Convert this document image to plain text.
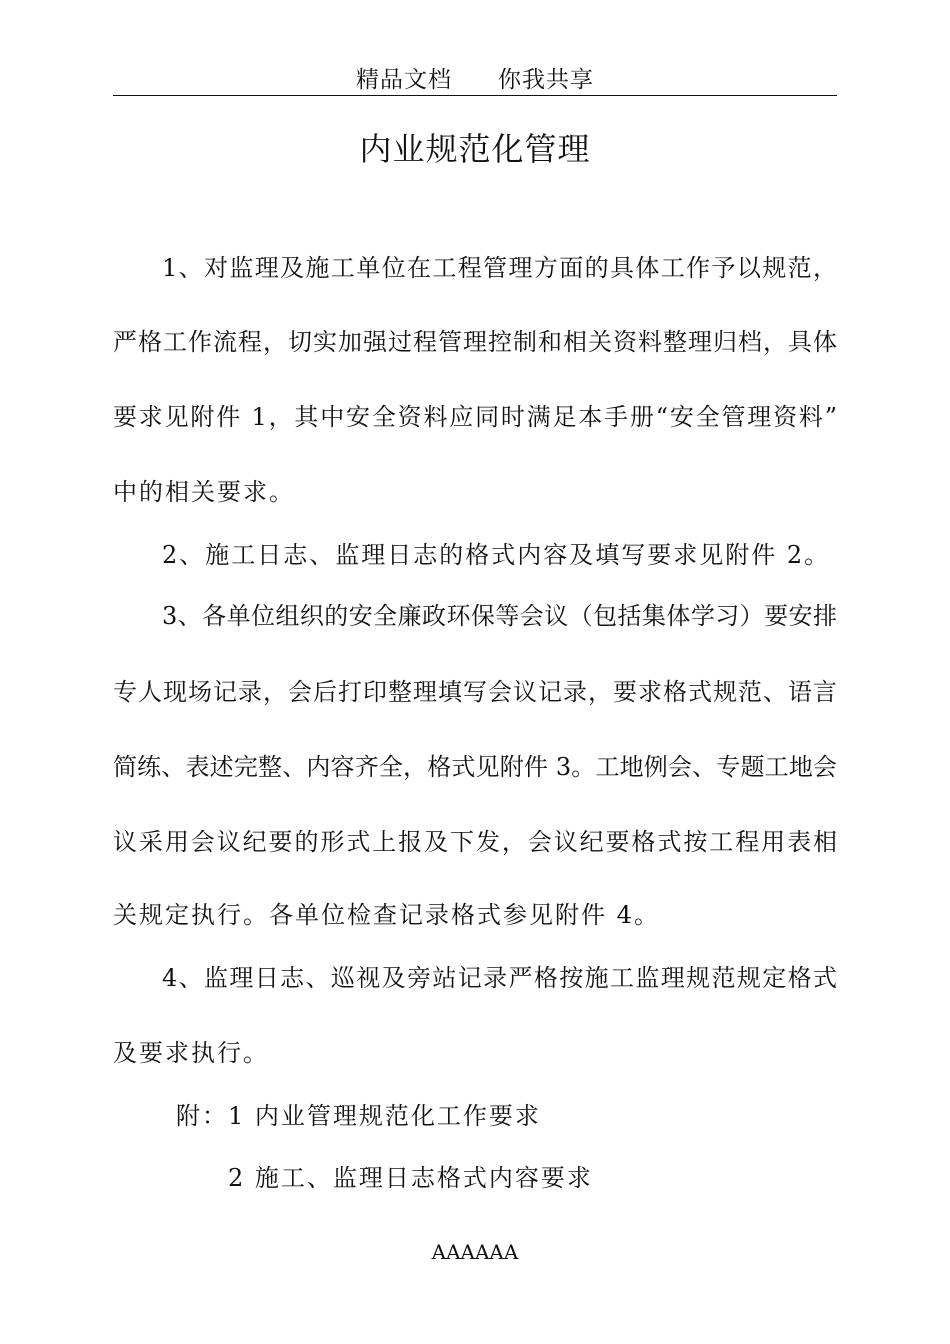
精品文档 你我共享
内业规范化管理
1、对监理及施工单位在工程管理方面的具体工作予以规范，
严格工作流程，切实加强过程管理控制和相关资料整理归档，具体
要求见附件 1，其中安全资料应同时满足本手册“安全管理资料”
中的相关要求。
2、施工日志、监理日志的格式内容及填写要求见附件 2。
3、各单位组织的安全廉政环保等会议（包括集体学习）要安排
专人现场记录，会后打印整理填写会议记录，要求格式规范、语言
简练、表述完整、内容齐全，格式见附件 3。工地例会、专题工地会
议采用会议纪要的形式上报及下发，会议纪要格式按工程用表相
关规定执行。各单位检查记录格式参见附件 4。
4、监理日志、巡视及旁站记录严格按施工监理规范规定格式
及要求执行。
附：1 内业管理规范化工作要求
2 施工、监理日志格式内容要求
AAAAAA
